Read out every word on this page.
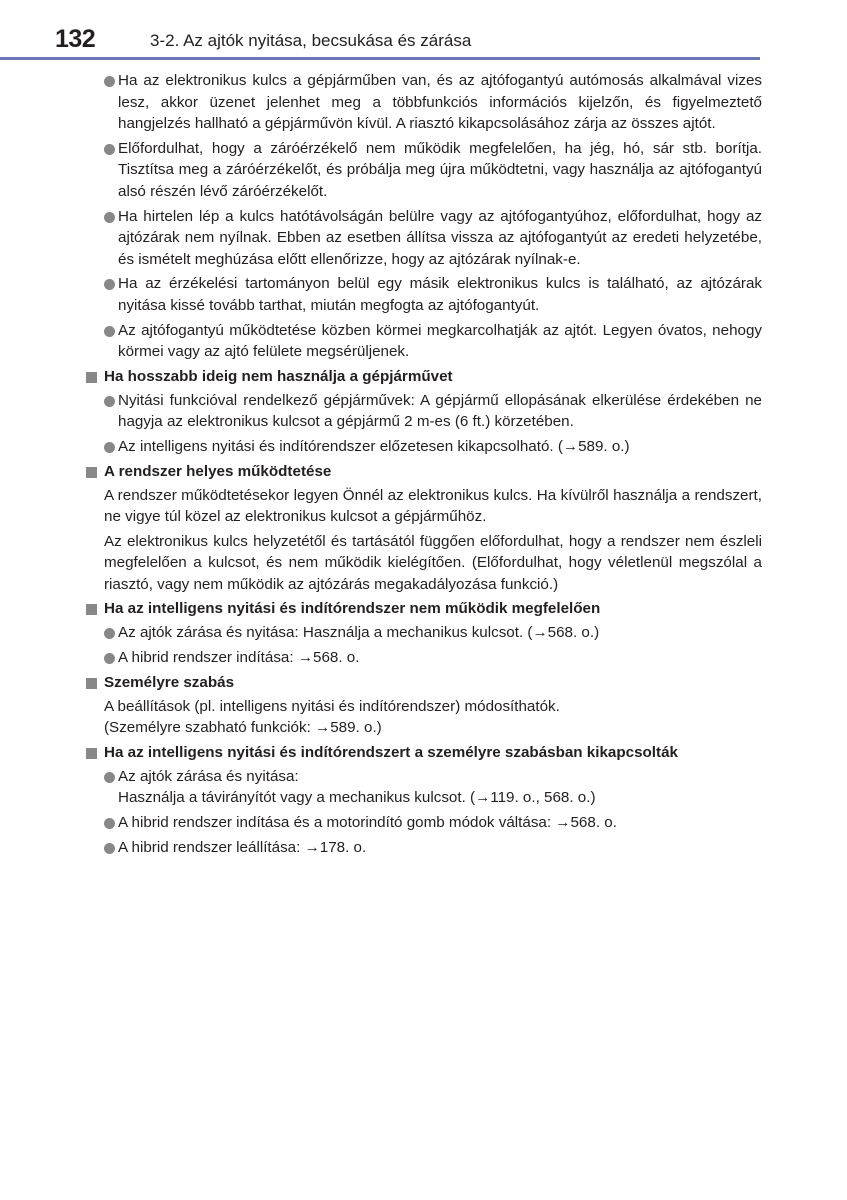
132	3-2. Az ajtók nyitása, becsukása és zárása
Ha az elektronikus kulcs a gépjárműben van, és az ajtófogantyú autómosás alkalmával vizes lesz, akkor üzenet jelenhet meg a többfunkciós információs kijelzőn, és figyelmeztető hangjelzés hallható a gépjárművön kívül. A riasztó kikapcsolásához zárja az összes ajtót.
Előfordulhat, hogy a záróérzékelő nem működik megfelelően, ha jég, hó, sár stb. borítja. Tisztítsa meg a záróérzékelőt, és próbálja meg újra működtetni, vagy használja az ajtófogantyú alsó részén lévő záróérzékelőt.
Ha hirtelen lép a kulcs hatótávolságán belülre vagy az ajtófogantyúhoz, előfordulhat, hogy az ajtózárak nem nyílnak. Ebben az esetben állítsa vissza az ajtófogantyút az eredeti helyzetébe, és ismételt meghúzása előtt ellenőrizze, hogy az ajtózárak nyílnak-e.
Ha az érzékelési tartományon belül egy másik elektronikus kulcs is található, az ajtózárak nyitása kissé tovább tarthat, miután megfogta az ajtófogantyút.
Az ajtófogantyú működtetése közben körmei megkarcolhatják az ajtót. Legyen óvatos, nehogy körmei vagy az ajtó felülete megsérüljenek.
Ha hosszabb ideig nem használja a gépjárművet
Nyitási funkcióval rendelkező gépjárművek: A gépjármű ellopásának elkerülése érdekében ne hagyja az elektronikus kulcsot a gépjármű 2 m-es (6 ft.) körzetében.
Az intelligens nyitási és indítórendszer előzetesen kikapcsolható. (→589. o.)
A rendszer helyes működtetése
A rendszer működtetésekor legyen Önnél az elektronikus kulcs. Ha kívülről használja a rendszert, ne vigye túl közel az elektronikus kulcsot a gépjárműhöz.
Az elektronikus kulcs helyzetétől és tartásától függően előfordulhat, hogy a rendszer nem észleli megfelelően a kulcsot, és nem működik kielégítően. (Előfordulhat, hogy véletlenül megszólal a riasztó, vagy nem működik az ajtózárás megakadályozása funkció.)
Ha az intelligens nyitási és indítórendszer nem működik megfelelően
Az ajtók zárása és nyitása: Használja a mechanikus kulcsot. (→568. o.)
A hibrid rendszer indítása: →568. o.
Személyre szabás
A beállítások (pl. intelligens nyitási és indítórendszer) módosíthatók.
(Személyre szabható funkciók: →589. o.)
Ha az intelligens nyitási és indítórendszert a személyre szabásban kikapcsolták
Az ajtók zárása és nyitása:
Használja a távirányítót vagy a mechanikus kulcsot. (→119. o., 568. o.)
A hibrid rendszer indítása és a motorindító gomb módok váltása: →568. o.
A hibrid rendszer leállítása: →178. o.
